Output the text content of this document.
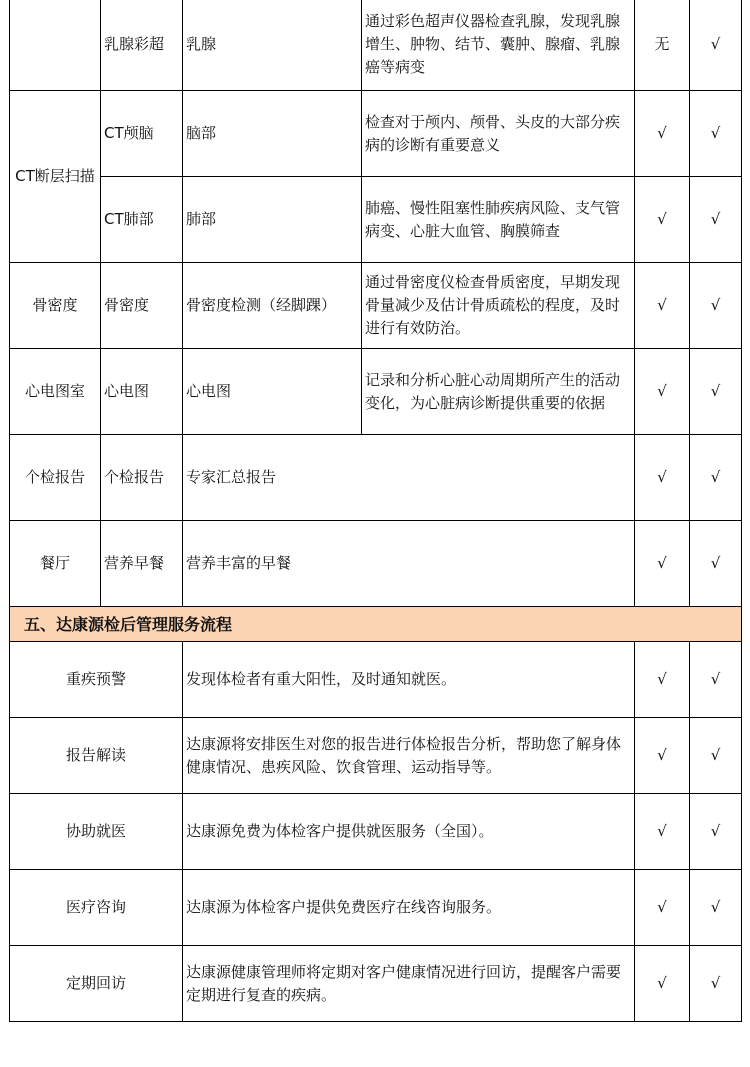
	乳腺彩超	乳腺	通过彩色超声仪器检查乳腺，发现乳腺增生、肿物、结节、囊肿、腺瘤、乳腺癌等病变	无	√
CT断层扫描	CT颅脑	脑部	检查对于颅内、颅骨、头皮的大部分疾病的诊断有重要意义	√	√
	CT肺部	肺部	肺癌、慢性阻塞性肺疾病风险、支气管病变、心脏大血管、胸膜筛查	√	√
骨密度	骨密度	骨密度检测（经脚踝）	通过骨密度仪检查骨质密度，早期发现骨量减少及估计骨质疏松的程度，及时进行有效防治。	√	√
心电图室	心电图	心电图	记录和分析心脏心动周期所产生的活动变化，为心脏病诊断提供重要的依据	√	√
个检报告	个检报告	专家汇总报告		√	√
餐厅	营养早餐	营养丰富的早餐		√	√
五、达康源检后管理服务流程					
重疾预警		发现体检者有重大阳性，及时通知就医。		√	√
报告解读		达康源将安排医生对您的报告进行体检报告分析，帮助您了解身体健康情况、患疾风险、饮食管理、运动指导等。		√	√
协助就医		达康源免费为体检客户提供就医服务（全国）。		√	√
医疗咨询		达康源为体检客户提供免费医疗在线咨询服务。		√	√
定期回访		达康源健康管理师将定期对客户健康情况进行回访，提醒客户需要定期进行复查的疾病。		√	√
